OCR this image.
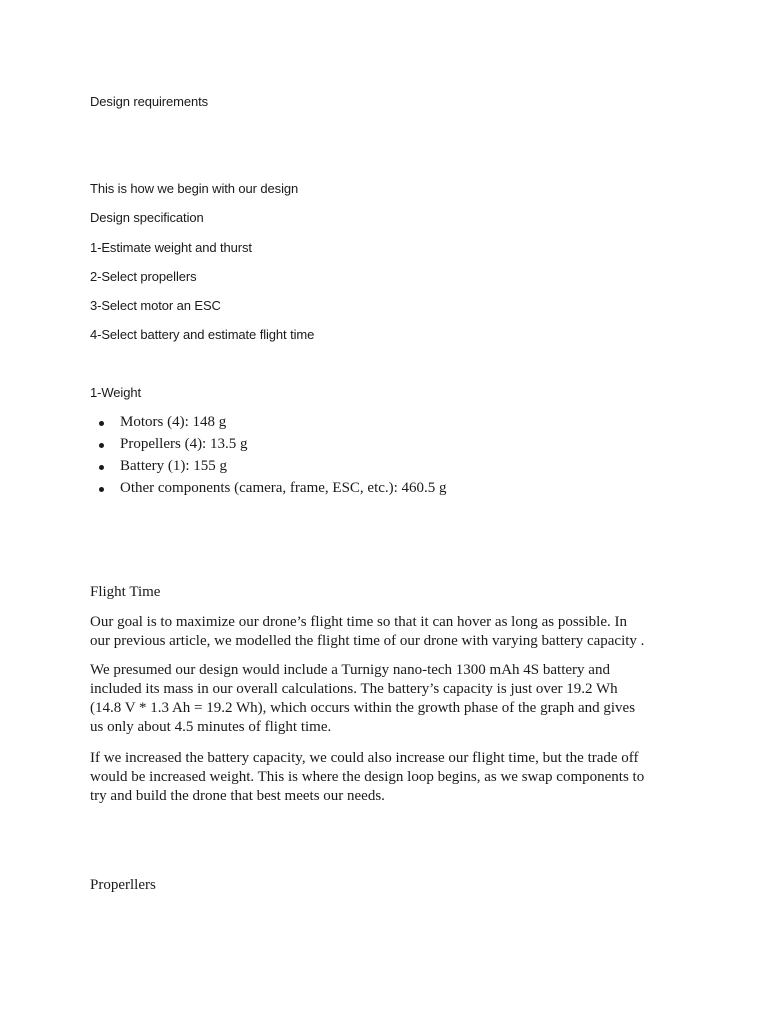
Design requirements

This is how we begin with our design

Design specification

1-Estimate weight and thurst

2-Select propellers

3-Select motor an ESC

4-Select battery and estimate flight time

1-Weight

Motors (4): 148 g
Propellers (4): 13.5 g
Battery (1): 155 g
Other components (camera, frame, ESC, etc.): 460.5 g

Flight Time

Our goal is to maximize our drone’s flight time so that it can hover as long as possible. In our previous article, we modelled the flight time of our drone with varying battery capacity .

We presumed our design would include a Turnigy nano-tech 1300 mAh 4S battery and included its mass in our overall calculations. The battery’s capacity is just over 19.2 Wh (14.8 V * 1.3 Ah = 19.2 Wh), which occurs within the growth phase of the graph and gives us only about 4.5 minutes of flight time.

If we increased the battery capacity, we could also increase our flight time, but the trade off would be increased weight. This is where the design loop begins, as we swap components to try and build the drone that best meets our needs.

Properllers
